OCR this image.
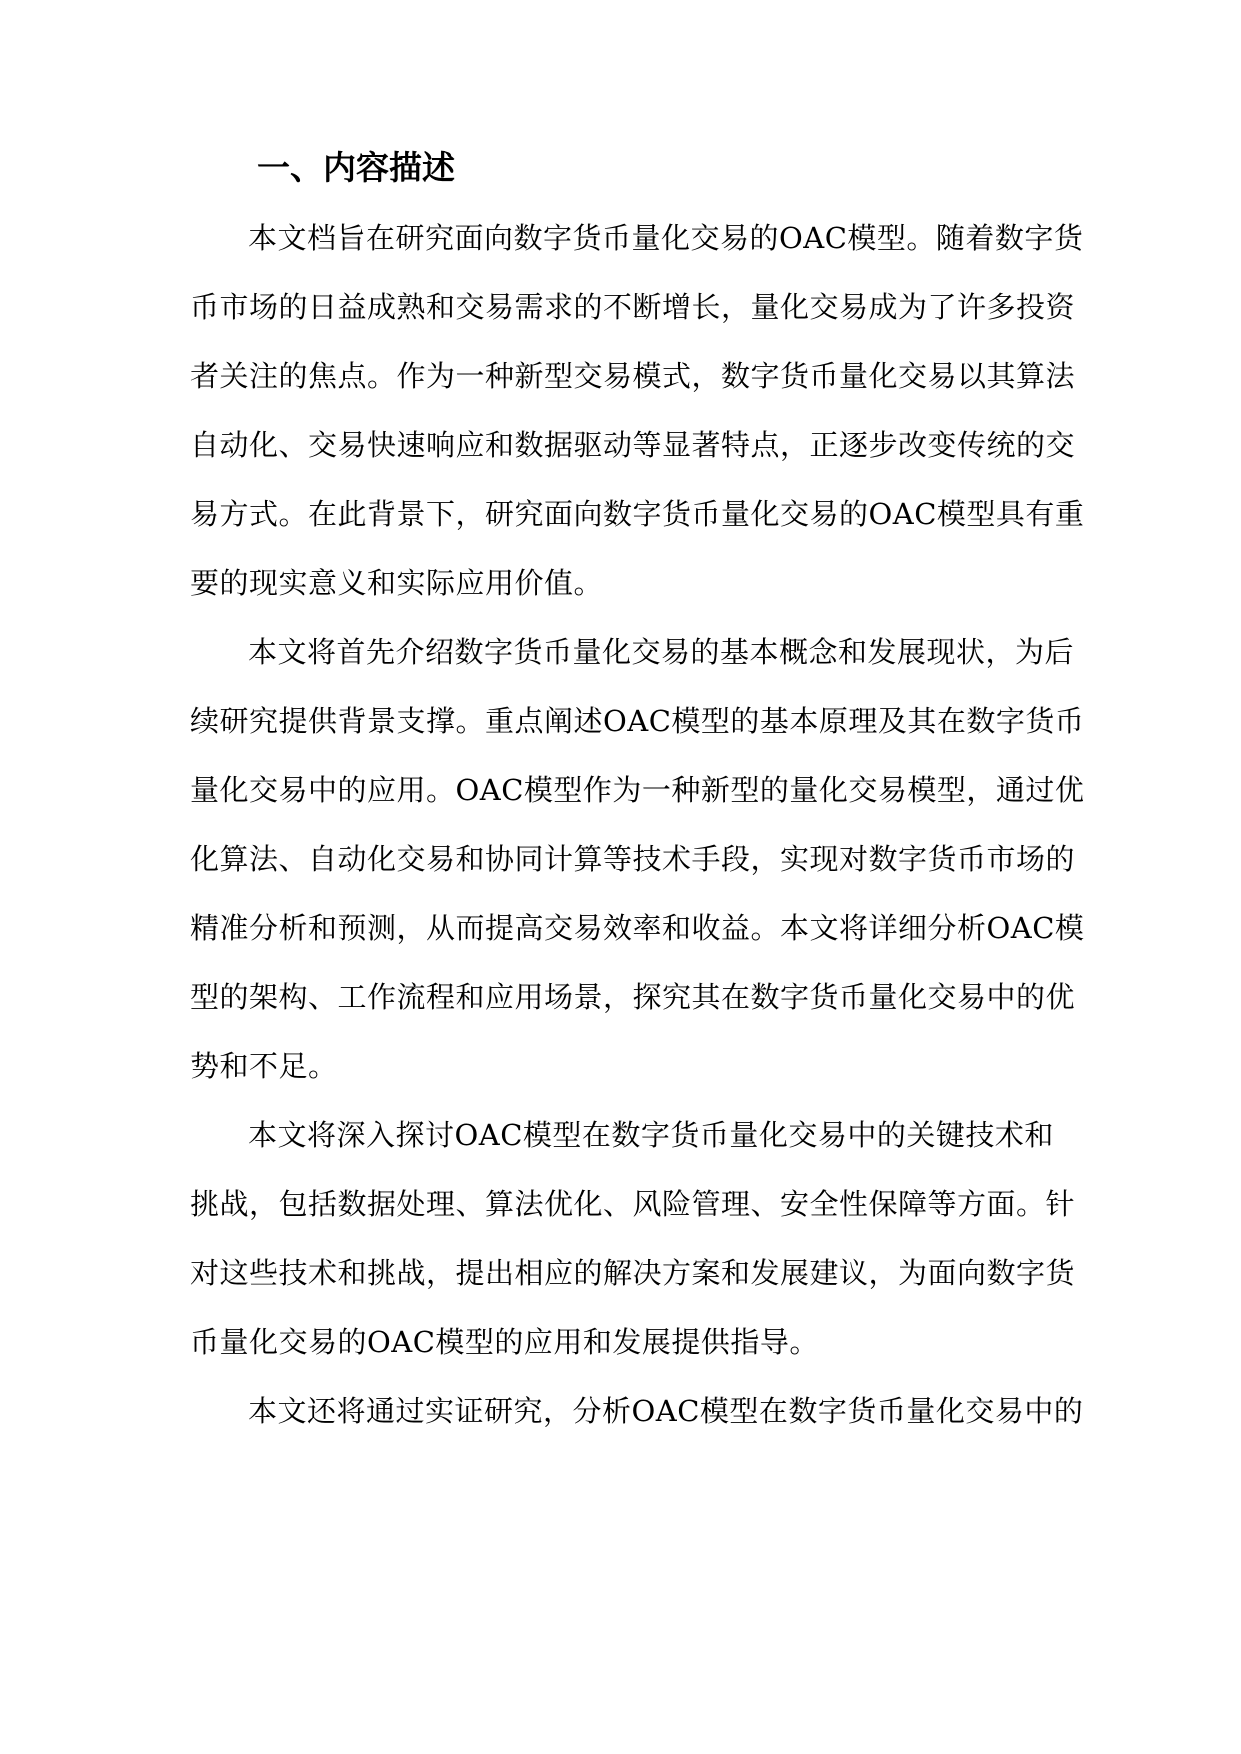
一、内容描述
本文档旨在研究面向数字货币量化交易的OAC模型。随着数字货
币市场的日益成熟和交易需求的不断增长，量化交易成为了许多投资
者关注的焦点。作为一种新型交易模式，数字货币量化交易以其算法
自动化、交易快速响应和数据驱动等显著特点，正逐步改变传统的交
易方式。在此背景下，研究面向数字货币量化交易的OAC模型具有重
要的现实意义和实际应用价值。
本文将首先介绍数字货币量化交易的基本概念和发展现状，为后
续研究提供背景支撑。重点阐述OAC模型的基本原理及其在数字货币
量化交易中的应用。OAC模型作为一种新型的量化交易模型，通过优
化算法、自动化交易和协同计算等技术手段，实现对数字货币市场的
精准分析和预测，从而提高交易效率和收益。本文将详细分析OAC模
型的架构、工作流程和应用场景，探究其在数字货币量化交易中的优
势和不足。
本文将深入探讨OAC模型在数字货币量化交易中的关键技术和
挑战，包括数据处理、算法优化、风险管理、安全性保障等方面。针
对这些技术和挑战，提出相应的解决方案和发展建议，为面向数字货
币量化交易的OAC模型的应用和发展提供指导。
本文还将通过实证研究，分析OAC模型在数字货币量化交易中的
